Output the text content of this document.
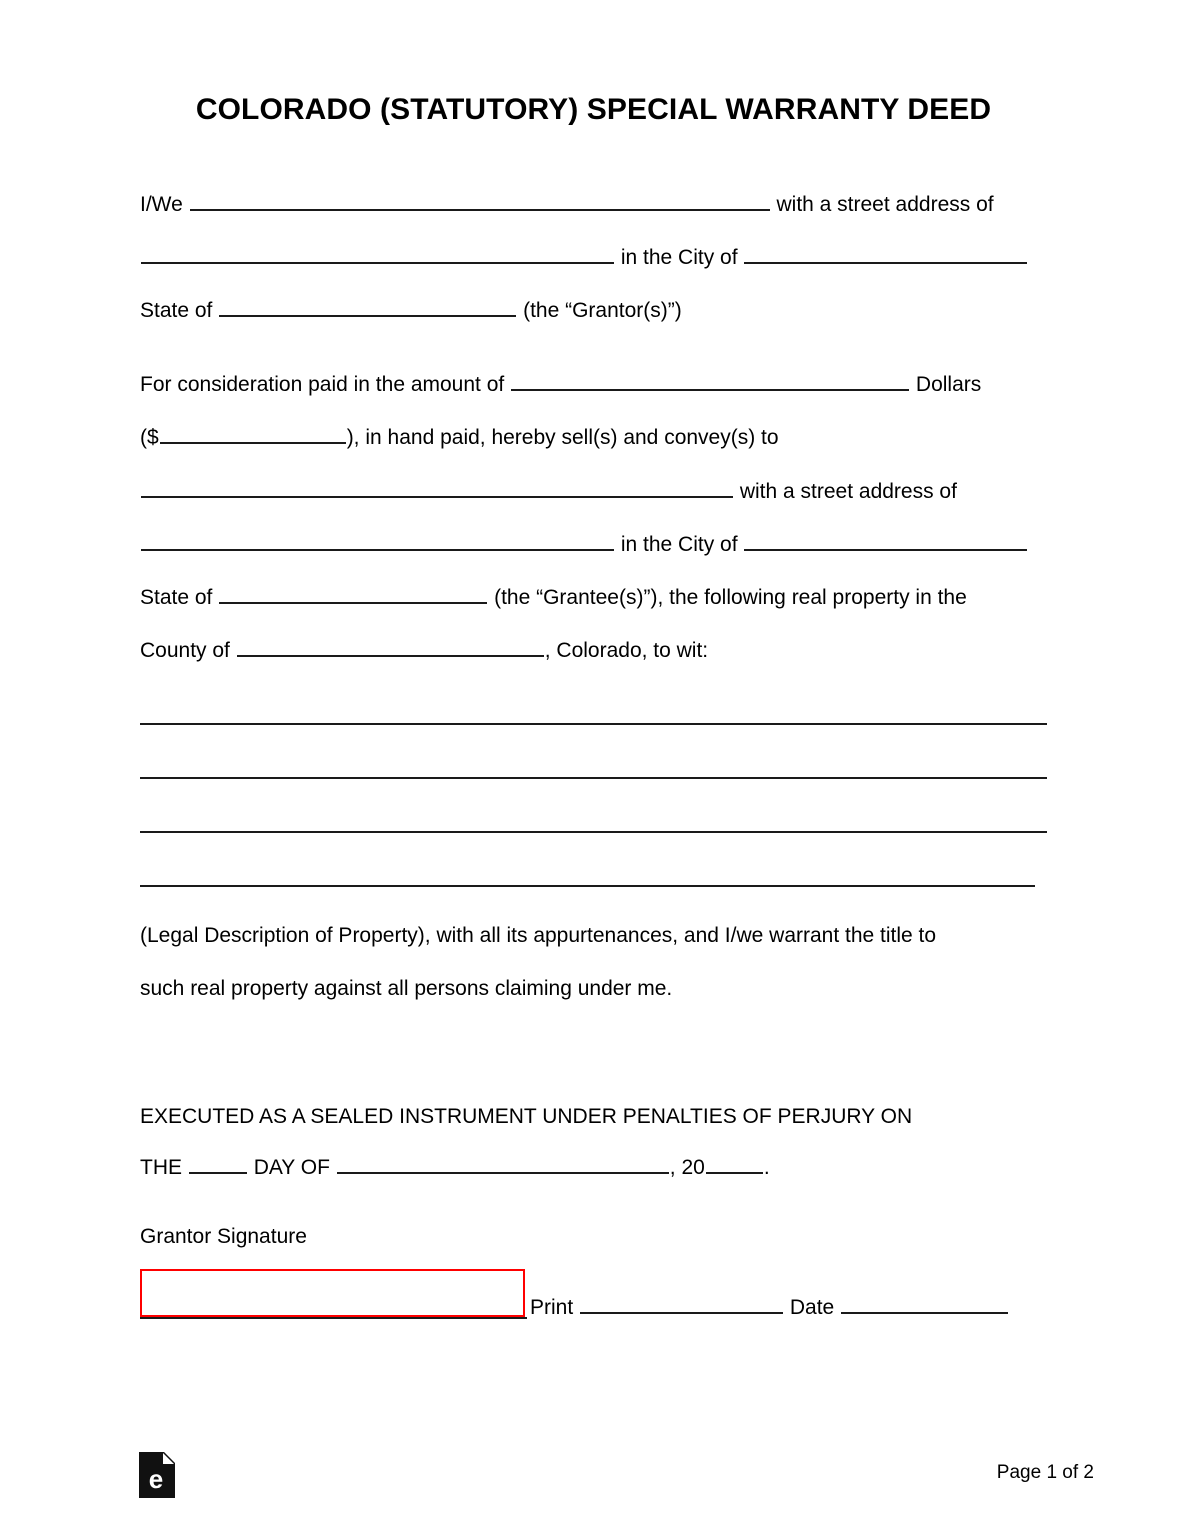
COLORADO (STATUTORY) SPECIAL WARRANTY DEED
I/We	with a street address of
in the City of
State of	(the “Grantor(s)”)
For consideration paid in the amount of	Dollars
($	), in hand paid, hereby sell(s) and convey(s) to
with a street address of
in the City of
State of	(the “Grantee(s)”), the following real property in the
County of	, Colorado, to wit:
(Legal Description of Property), with all its appurtenances, and I/we warrant the title to
such real property against all persons claiming under me.
EXECUTED AS A SEALED INSTRUMENT UNDER PENALTIES OF PERJURY ON
THE	DAY OF	, 20	.
Grantor Signature
Print	Date
e	Page 1 of 2
